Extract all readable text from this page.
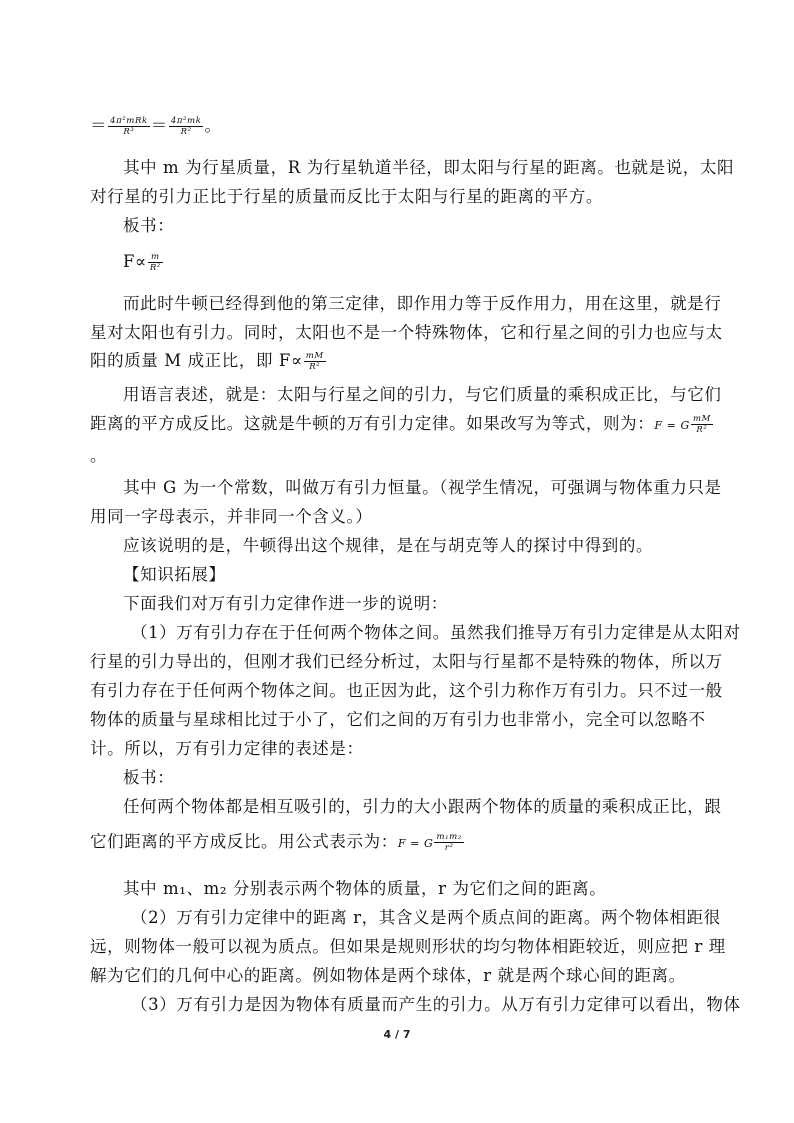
＝ $\frac{\text{4π²mRk}}{\text{R³}} = \frac{\text{4π²mk}}{\text{R²}}$ 。
其中 m 为行星质量，R 为行星轨道半径，即太阳与行星的距离。也就是说，太阳
对行星的引力正比于行星的质量而反比于太阳与行星的距离的平方。
板书：
$F\propto \frac{m}{\text{R²}}$
而此时牛顿已经得到他的第三定律，即作用力等于反作用力，用在这里，就是行
星对太阳也有引力。同时，太阳也不是一个特殊物体，它和行星之间的引力也应与太
阳的质量 M 成正比，即 $F\propto \frac{mM}{\text{R²}}$
用语言表述，就是：太阳与行星之间的引力，与它们质量的乘积成正比，与它们
距离的平方成反比。这就是牛顿的万有引力定律。如果改写为等式，则为：F = G $\frac{mM}{\text{R²}}$
。
其中 G 为一个常数，叫做万有引力恒量。（视学生情况，可强调与物体重力只是
用同一字母表示，并非同一个含义。）
应该说明的是，牛顿得出这个规律，是在与胡克等人的探讨中得到的。
【知识拓展】
下面我们对万有引力定律作进一步的说明：
（1）万有引力存在于任何两个物体之间。虽然我们推导万有引力定律是从太阳对
行星的引力导出的，但刚才我们已经分析过，太阳与行星都不是特殊的物体，所以万
有引力存在于任何两个物体之间。也正因为此，这个引力称作万有引力。只不过一般
物体的质量与星球相比过于小了，它们之间的万有引力也非常小，完全可以忽略不
计。所以，万有引力定律的表述是：
板书：
任何两个物体都是相互吸引的，引力的大小跟两个物体的质量的乘积成正比，跟
它们距离的平方成反比。用公式表示为：F = G $\frac{\text{m₁m₂}}{\text{r²}}$
其中 m₁、m₂ 分别表示两个物体的质量，r 为它们之间的距离。
（2）万有引力定律中的距离 r，其含义是两个质点间的距离。两个物体相距很
远，则物体一般可以视为质点。但如果是规则形状的均匀物体相距较近，则应把 r 理
解为它们的几何中心的距离。例如物体是两个球体，r 就是两个球心间的距离。
（3）万有引力是因为物体有质量而产生的引力。从万有引力定律可以看出，物体
4 / 7
